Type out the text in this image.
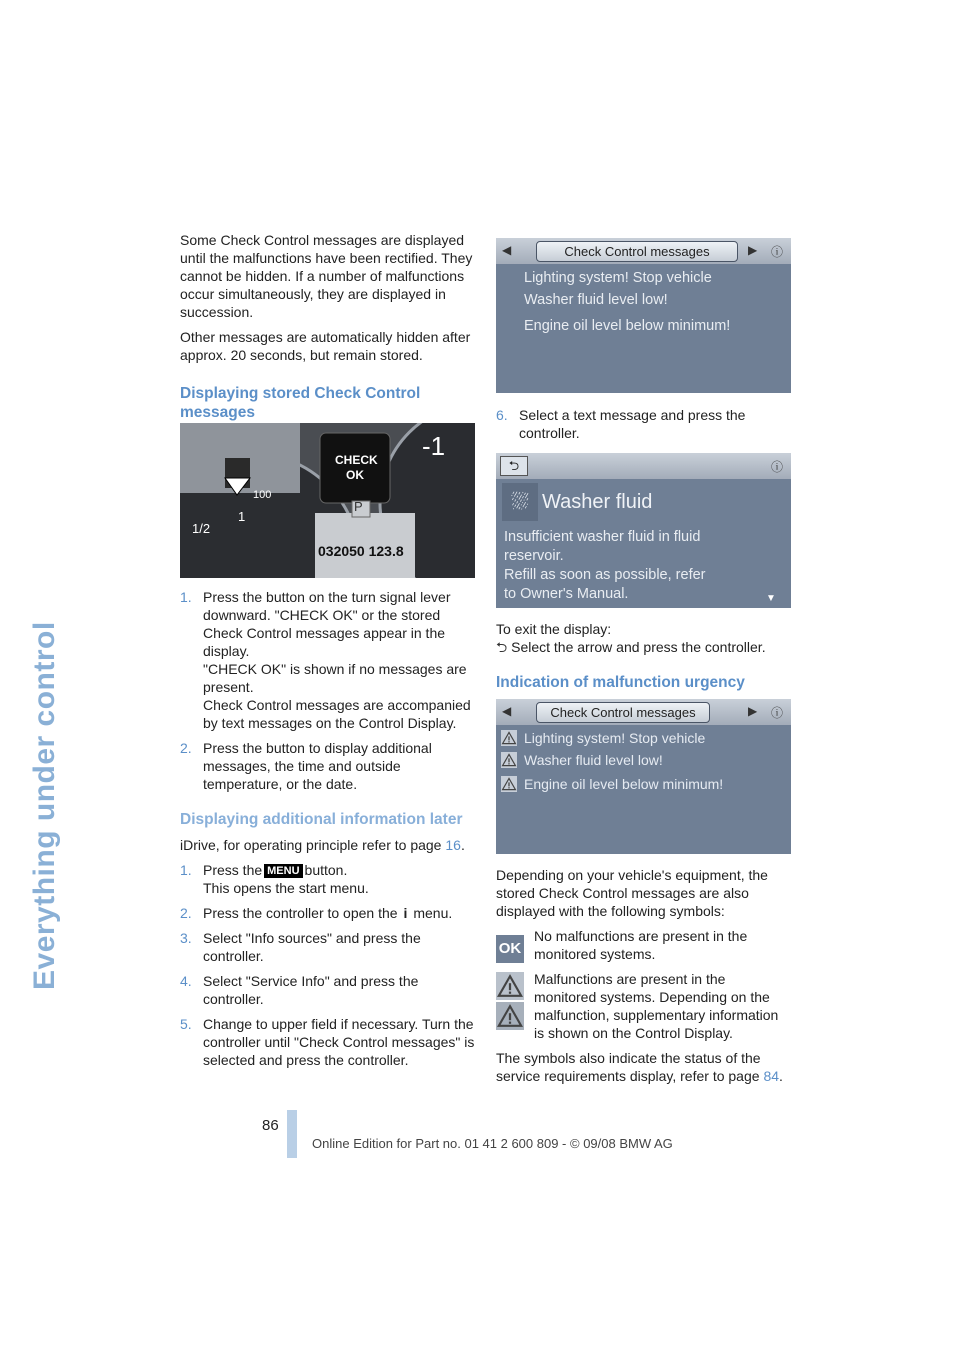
Everything under control

Some Check Control messages are displayed until the malfunctions have been rectified. They cannot be hidden. If a number of malfunctions occur simultaneously, they are displayed in succession.

Other messages are automatically hidden after approx. 20 seconds, but remain stored.

Displaying stored Check Control messages
CHECK
OK
P
032050 123.8
1/2
1
100
-1
1. Press the button on the turn signal lever downward. "CHECK OK" or the stored Check Control messages appear in the display.
"CHECK OK" is shown if no messages are present.
Check Control messages are accompanied by text messages on the Control Display.
2. Press the button to display additional messages, the time and outside temperature, or the date.
Displaying additional information later

iDrive, for operating principle refer to page 16.

1. Press the MENU button.
This opens the start menu.
2. Press the controller to open the i menu.
3. Select "Info sources" and press the controller.
4. Select "Service Info" and press the controller.
5. Change to upper field if necessary. Turn the controller until "Check Control messages" is selected and press the controller.
◀	Check Control messages	▶ ⓘ
Lighting system! Stop vehicle
Washer fluid level low!
Engine oil level below minimum!
6. Select a text message and press the controller.
⮌	ⓘ
⛆ Washer fluid
Insufficient washer fluid in fluid
reservoir.
Refill as soon as possible, refer
to Owner's Manual.	▼

To exit the display:

⮌ Select the arrow and press the controller.

Indication of malfunction urgency
◀	Check Control messages	▶ ⓘ
Lighting system! Stop vehicle
Washer fluid level low!
Engine oil level below minimum!

Depending on your vehicle's equipment, the stored Check Control messages are also displayed with the following symbols:

OK

No malfunctions are present in the monitored systems.

Malfunctions are present in the monitored systems. Depending on the malfunction, supplementary information is shown on the Control Display.

The symbols also indicate the status of the service requirements display, refer to page 84.

86
Online Edition for Part no. 01 41 2 600 809 - © 09/08 BMW AG
